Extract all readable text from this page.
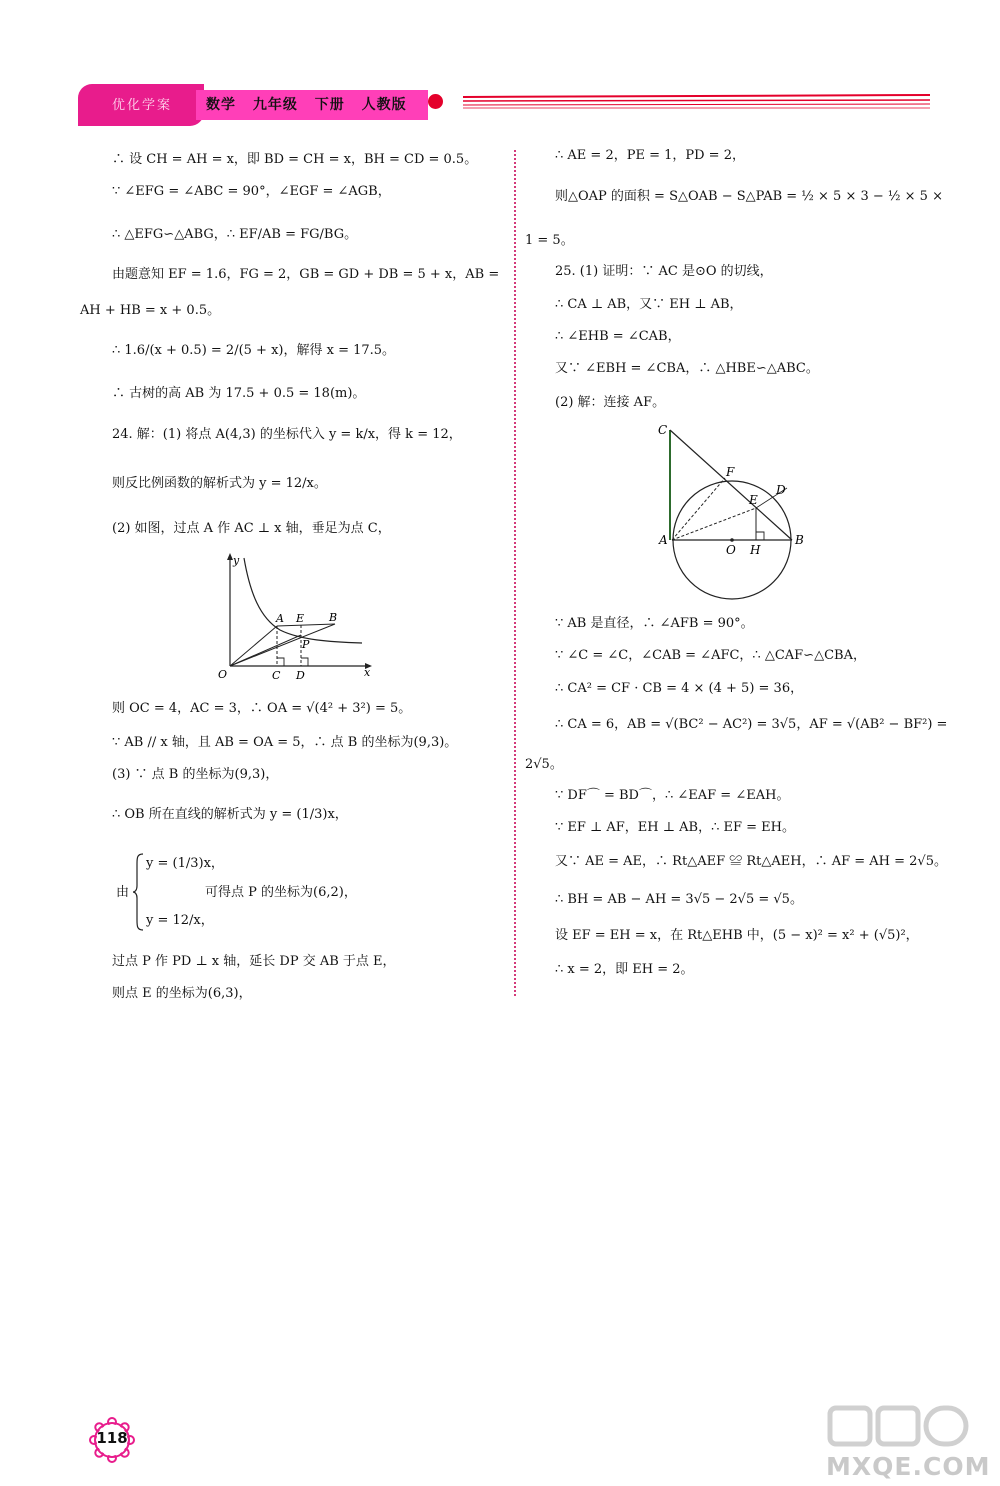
优化学案 数学 九年级 下册 人教版
∴ 设 CH = AH = x，即 BD = CH = x，BH = CD = 0.5。
∵ ∠EFG = ∠ABC = 90°，∠EGF = ∠AGB，
∴ △EFG∽△ABG，∴ EF/AB = FG/BG。
由题意知 EF = 1.6，FG = 2，GB = GD + DB = 5 + x，AB =
AH + HB = x + 0.5。
∴ 1.6/(x + 0.5) = 2/(5 + x)，解得 x = 17.5。
∴ 古树的高 AB 为 17.5 + 0.5 = 18(m)。
24. 解：(1) 将点 A(4,3) 的坐标代入 y = k/x，得 k = 12，
则反比例函数的解析式为 y = 12/x。
(2) 如图，过点 A 作 AC ⊥ x 轴，垂足为点 C，
y
x
O
A E B
P
C D
则 OC = 4，AC = 3，∴ OA = √(4² + 3²) = 5。
∵ AB // x 轴，且 AB = OA = 5，∴ 点 B 的坐标为(9,3)。
(3) ∵ 点 B 的坐标为(9,3)，
∴ OB 所在直线的解析式为 y = (1/3)x，
y = (1/3)x，
由	可得点 P 的坐标为(6,2)，
y = 12/x，
过点 P 作 PD ⊥ x 轴，延长 DP 交 AB 于点 E，
则点 E 的坐标为(6,3)，
∴ AE = 2，PE = 1，PD = 2，
则△OAP 的面积 = S△OAB − S△PAB = ½ × 5 × 3 − ½ × 5 ×
1 = 5。
25. (1) 证明：∵ AC 是⊙O 的切线，
∴ CA ⊥ AB，又∵ EH ⊥ AB，
∴ ∠EHB = ∠CAB，
又∵ ∠EBH = ∠CBA，∴ △HBE∽△ABC。
(2) 解：连接 AF。
C
F
E
D
A
O H
B
∵ AB 是直径，∴ ∠AFB = 90°。
∵ ∠C = ∠C，∠CAB = ∠AFC，∴ △CAF∽△CBA，
∴ CA² = CF · CB = 4 × (4 + 5) = 36，
∴ CA = 6，AB = √(BC² − AC²) = 3√5，AF = √(AB² − BF²) =
2√5。
∵ DF⌒ = BD⌒，∴ ∠EAF = ∠EAH。
∵ EF ⊥ AF，EH ⊥ AB，∴ EF = EH。
又∵ AE = AE，∴ Rt△AEF ≌ Rt△AEH，∴ AF = AH = 2√5。
∴ BH = AB − AH = 3√5 − 2√5 = √5。
设 EF = EH = x，在 Rt△EHB 中，(5 − x)² = x² + (√5)²，
∴ x = 2，即 EH = 2。
118
MXQE.COM
